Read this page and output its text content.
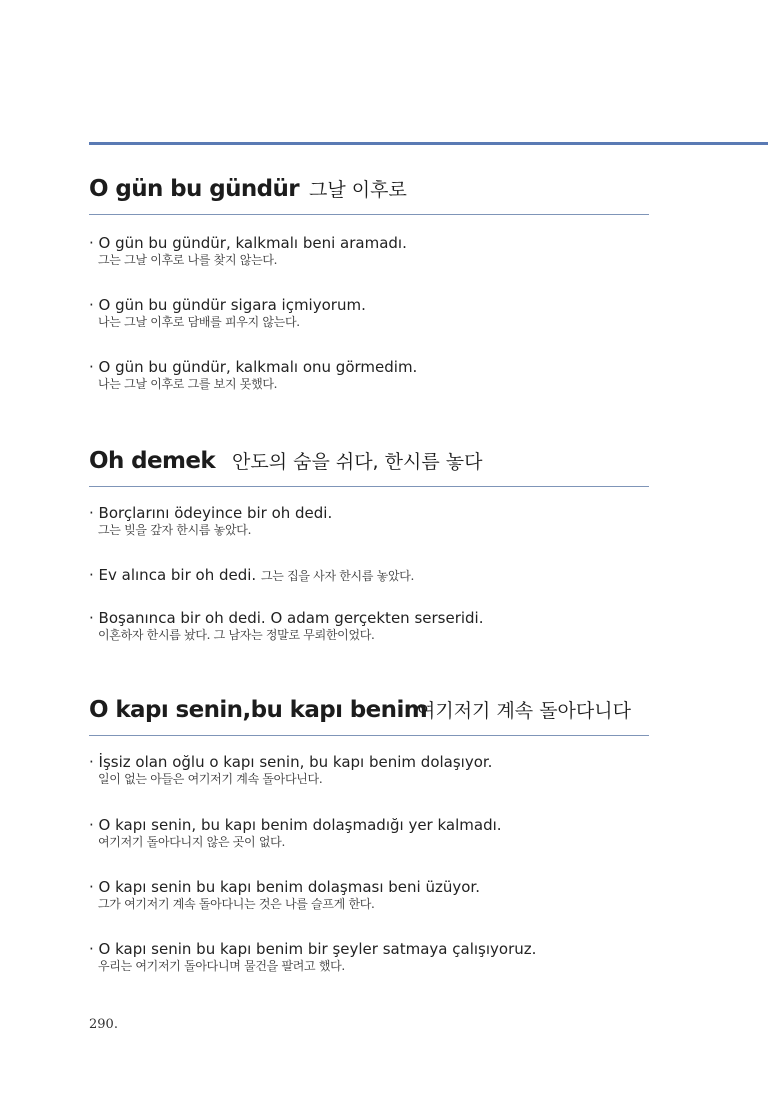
O gün bu gündür 그날 이후로
· O gün bu gündür, kalkmalı beni aramadı.
그는 그날 이후로 나를 찾지 않는다.
· O gün bu gündür sigara içmiyorum.
나는 그날 이후로 담배를 피우지 않는다.
· O gün bu gündür, kalkmalı onu görmedim.
나는 그날 이후로 그를 보지 못했다.
Oh demek 안도의 숨을 쉬다, 한시름 놓다
· Borçlarını ödeyince bir oh dedi.
그는 빚을 갚자 한시름 놓았다.
· Ev alınca bir oh dedi. 그는 집을 사자 한시름 놓았다.
· Boşanınca bir oh dedi. O adam gerçekten serseridi.
이혼하자 한시름 놨다. 그 남자는 정말로 무뢰한이었다.
O kapı senin,bu kapı benim
여기저기 계속 돌아다니다
· İşsiz olan oğlu o kapı senin, bu kapı benim dolaşıyor.
일이 없는 아들은 여기저기 계속 돌아다닌다.
· O kapı senin, bu kapı benim dolaşmadığı yer kalmadı.
여기저기 돌아다니지 않은 곳이 없다.
· O kapı senin bu kapı benim dolaşması beni üzüyor.
그가 여기저기 계속 돌아다니는 것은 나를 슬프게 한다.
· O kapı senin bu kapı benim bir şeyler satmaya çalışıyoruz.
우리는 여기저기 돌아다니며 물건을 팔려고 했다.
290.
